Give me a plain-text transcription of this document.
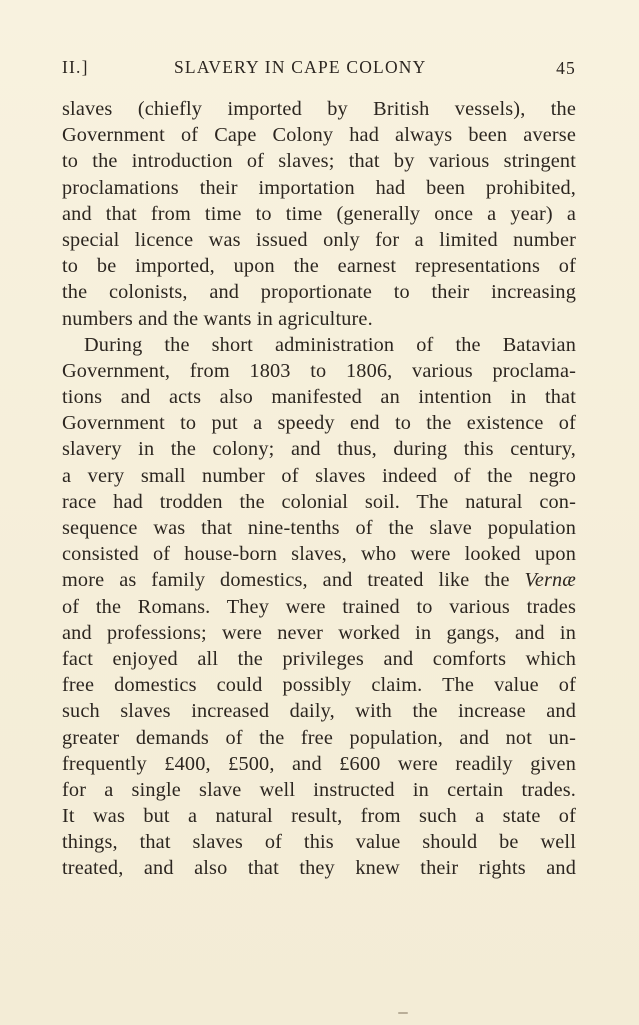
II.]	SLAVERY IN CAPE COLONY	45
slaves (chiefly imported by British vessels), the
Government of Cape Colony had always been averse
to the introduction of slaves; that by various stringent
proclamations their importation had been prohibited,
and that from time to time (generally once a year) a
special licence was issued only for a limited number
to be imported, upon the earnest representations of
the colonists, and proportionate to their increasing
numbers and the wants in agriculture.
During the short administration of the Batavian
Government, from 1803 to 1806, various proclama-
tions and acts also manifested an intention in that
Government to put a speedy end to the existence of
slavery in the colony; and thus, during this century,
a very small number of slaves indeed of the negro
race had trodden the colonial soil. The natural con-
sequence was that nine-tenths of the slave population
consisted of house-born slaves, who were looked upon
more as family domestics, and treated like the Vernæ
of the Romans. They were trained to various trades
and professions; were never worked in gangs, and in
fact enjoyed all the privileges and comforts which
free domestics could possibly claim. The value of
such slaves increased daily, with the increase and
greater demands of the free population, and not un-
frequently £400, £500, and £600 were readily given
for a single slave well instructed in certain trades.
It was but a natural result, from such a state of
things, that slaves of this value should be well
treated, and also that they knew their rights and
